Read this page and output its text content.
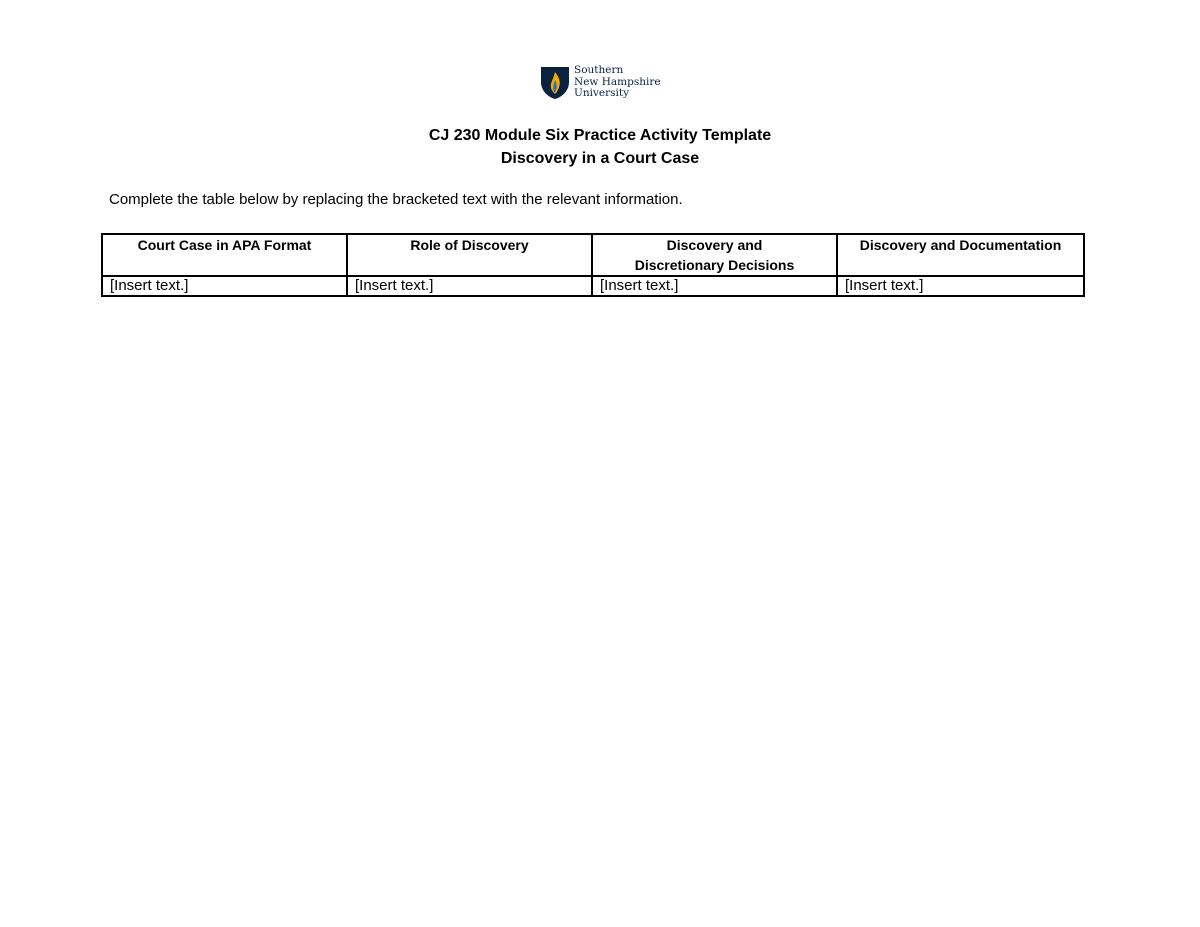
Southern
New Hampshire
University
CJ 230 Module Six Practice Activity Template
Discovery in a Court Case
Complete the table below by replacing the bracketed text with the relevant information.
Court Case in APA Format	Role of Discovery	Discovery and Discretionary Decisions	Discovery and Documentation
[Insert text.]	[Insert text.]	[Insert text.]	[Insert text.]
